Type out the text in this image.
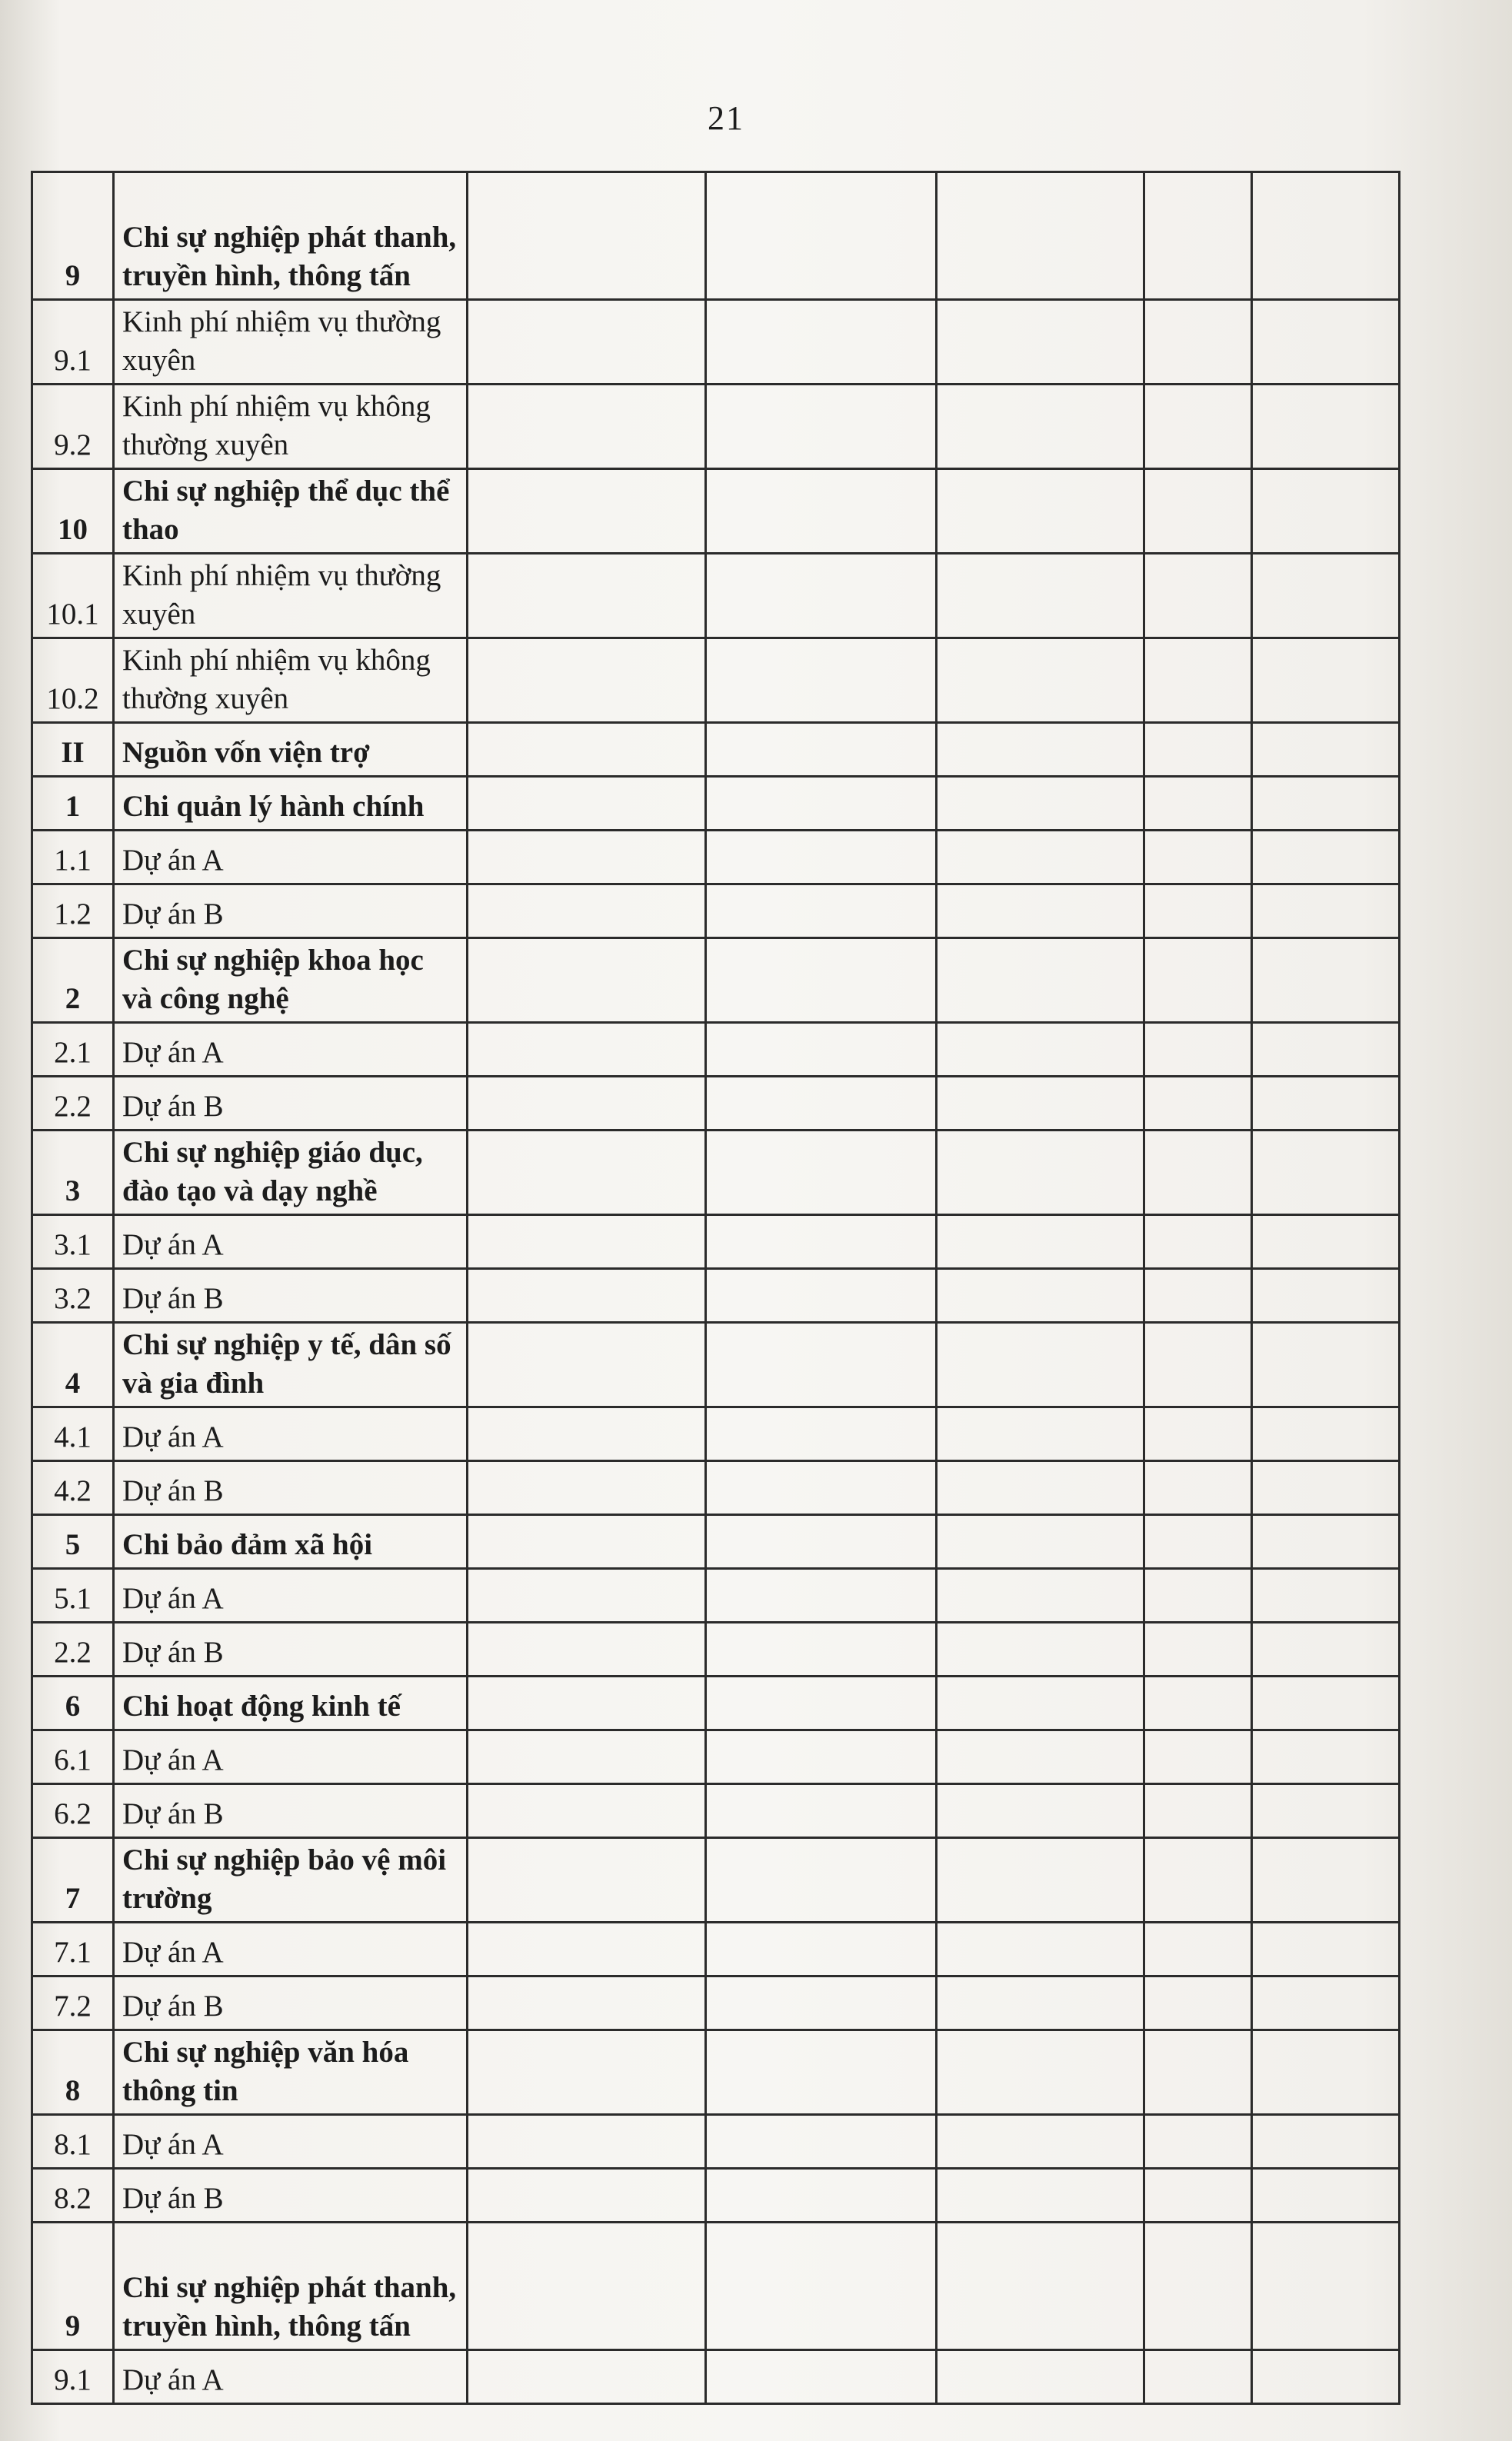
21
9	Chi sự nghiệp phát thanh, truyền hình, thông tấn					
9.1	Kinh phí nhiệm vụ thường xuyên					
9.2	Kinh phí nhiệm vụ không thường xuyên					
10	Chi sự nghiệp thể dục thể thao					
10.1	Kinh phí nhiệm vụ thường xuyên					
10.2	Kinh phí nhiệm vụ không thường xuyên					
II	Nguồn vốn viện trợ					
1	Chi quản lý hành chính					
1.1	Dự án A					
1.2	Dự án B					
2	Chi sự nghiệp khoa học và công nghệ					
2.1	Dự án A					
2.2	Dự án B					
3	Chi sự nghiệp giáo dục, đào tạo và dạy nghề					
3.1	Dự án A					
3.2	Dự án B					
4	Chi sự nghiệp y tế, dân số và gia đình					
4.1	Dự án A					
4.2	Dự án B					
5	Chi bảo đảm xã hội					
5.1	Dự án A					
2.2	Dự án B					
6	Chi hoạt động kinh tế					
6.1	Dự án A					
6.2	Dự án B					
7	Chi sự nghiệp bảo vệ môi trường					
7.1	Dự án A					
7.2	Dự án B					
8	Chi sự nghiệp văn hóa thông tin					
8.1	Dự án A					
8.2	Dự án B					
9	Chi sự nghiệp phát thanh, truyền hình, thông tấn					
9.1	Dự án A					
